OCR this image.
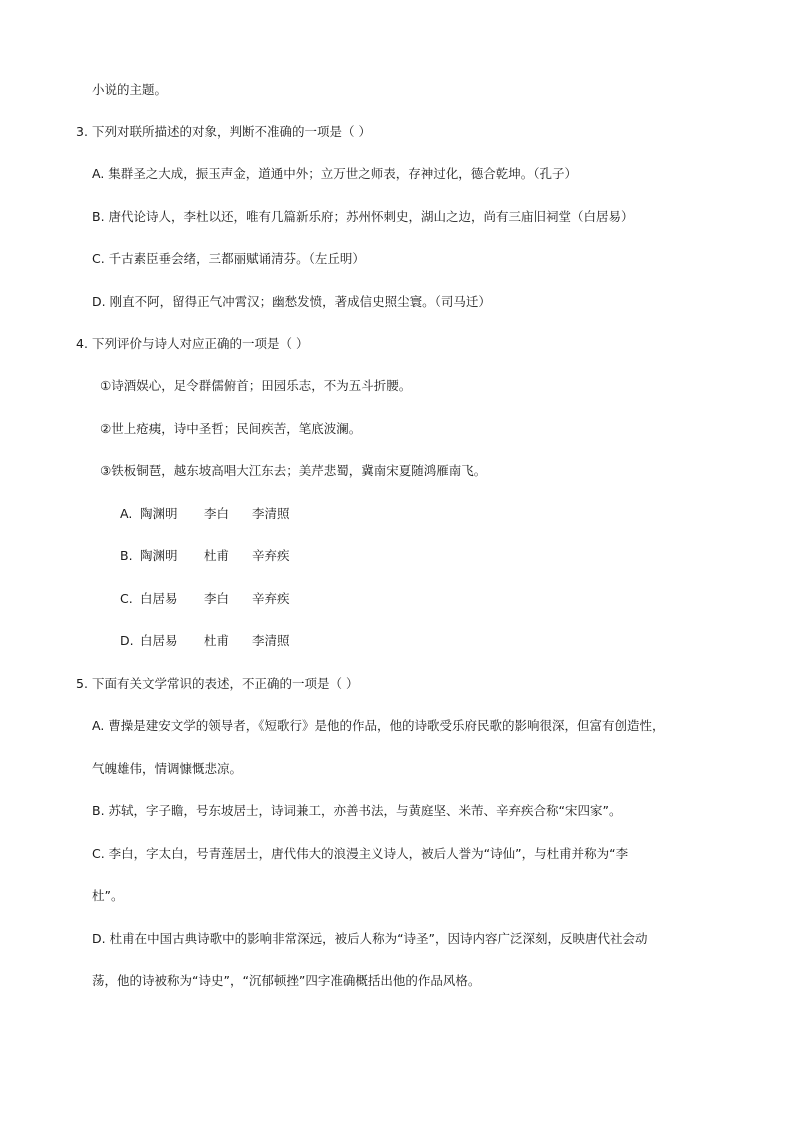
小说的主题。
3. 下列对联所描述的对象，判断不准确的一项是（ ）
A. 集群圣之大成，振玉声金，道通中外；立万世之师表，存神过化，德合乾坤。（孔子）
B. 唐代论诗人，李杜以还，唯有几篇新乐府；苏州怀刺史，湖山之边，尚有三庙旧祠堂（白居易）
C. 千古素臣垂会绪，三都丽赋诵清芬。（左丘明）
D. 刚直不阿，留得正气冲霄汉；幽愁发愤，著成信史照尘寰。（司马迁）
4. 下列评价与诗人对应正确的一项是（ ）
①诗酒娱心，足令群儒俯首；田园乐志，不为五斗折腰。
②世上疮痍，诗中圣哲；民间疾苦，笔底波澜。
③铁板铜琶，越东坡高唱大江东去；美芹悲蜀，冀南宋夏随鸿雁南飞。
A. 陶渊明 李白 李清照
B. 陶渊明 杜甫 辛弃疾
C. 白居易 李白 辛弃疾
D. 白居易 杜甫 李清照
5. 下面有关文学常识的表述，不正确的一项是（ ）
A. 曹操是建安文学的领导者，《短歌行》是他的作品，他的诗歌受乐府民歌的影响很深，但富有创造性，
气魄雄伟，情调慷慨悲凉。
B. 苏轼，字子瞻，号东坡居士，诗词兼工，亦善书法，与黄庭坚、米芾、辛弃疾合称“宋四家”。
C. 李白，字太白，号青莲居士，唐代伟大的浪漫主义诗人，被后人誉为“诗仙”，与杜甫并称为“李
杜”。
D. 杜甫在中国古典诗歌中的影响非常深远，被后人称为“诗圣”，因诗内容广泛深刻，反映唐代社会动
荡，他的诗被称为“诗史”，“沉郁顿挫”四字准确概括出他的作品风格。
